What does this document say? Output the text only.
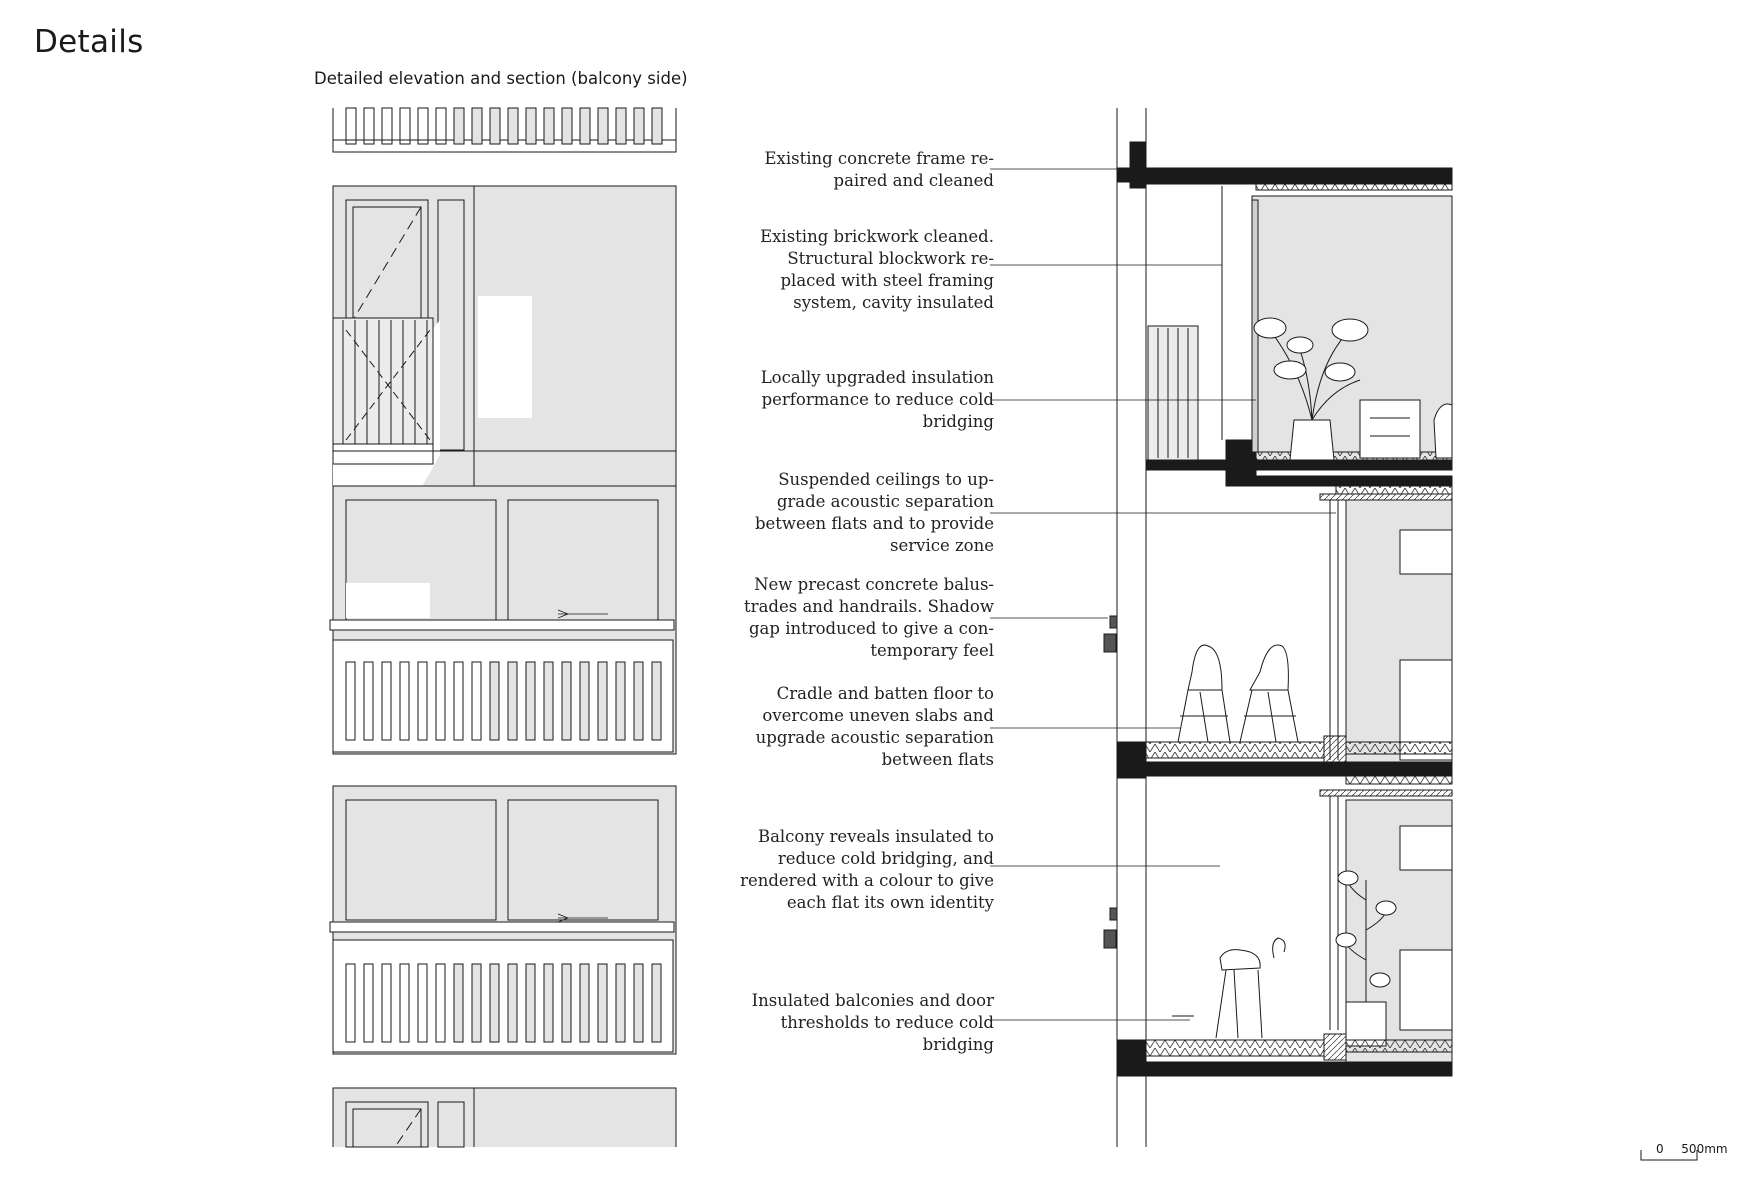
Details

Detailed elevation and section (balcony side)

Existing concrete frame re-
paired and cleaned
Existing brickwork cleaned.
Structural blockwork re-
placed with steel framing
system, cavity insulated
Locally upgraded insulation
performance to reduce cold
bridging
Suspended ceilings to up-
grade acoustic separation
between flats and to provide
service zone
New precast concrete balus-
trades and handrails. Shadow
gap introduced to give a con-
temporary feel
Cradle and batten floor to
overcome uneven slabs and
upgrade acoustic separation
between flats
Balcony reveals insulated to
reduce cold bridging, and
rendered with a colour to give
each flat its own identity
Insulated balconies and door
thresholds to reduce cold
bridging
0 500mm
